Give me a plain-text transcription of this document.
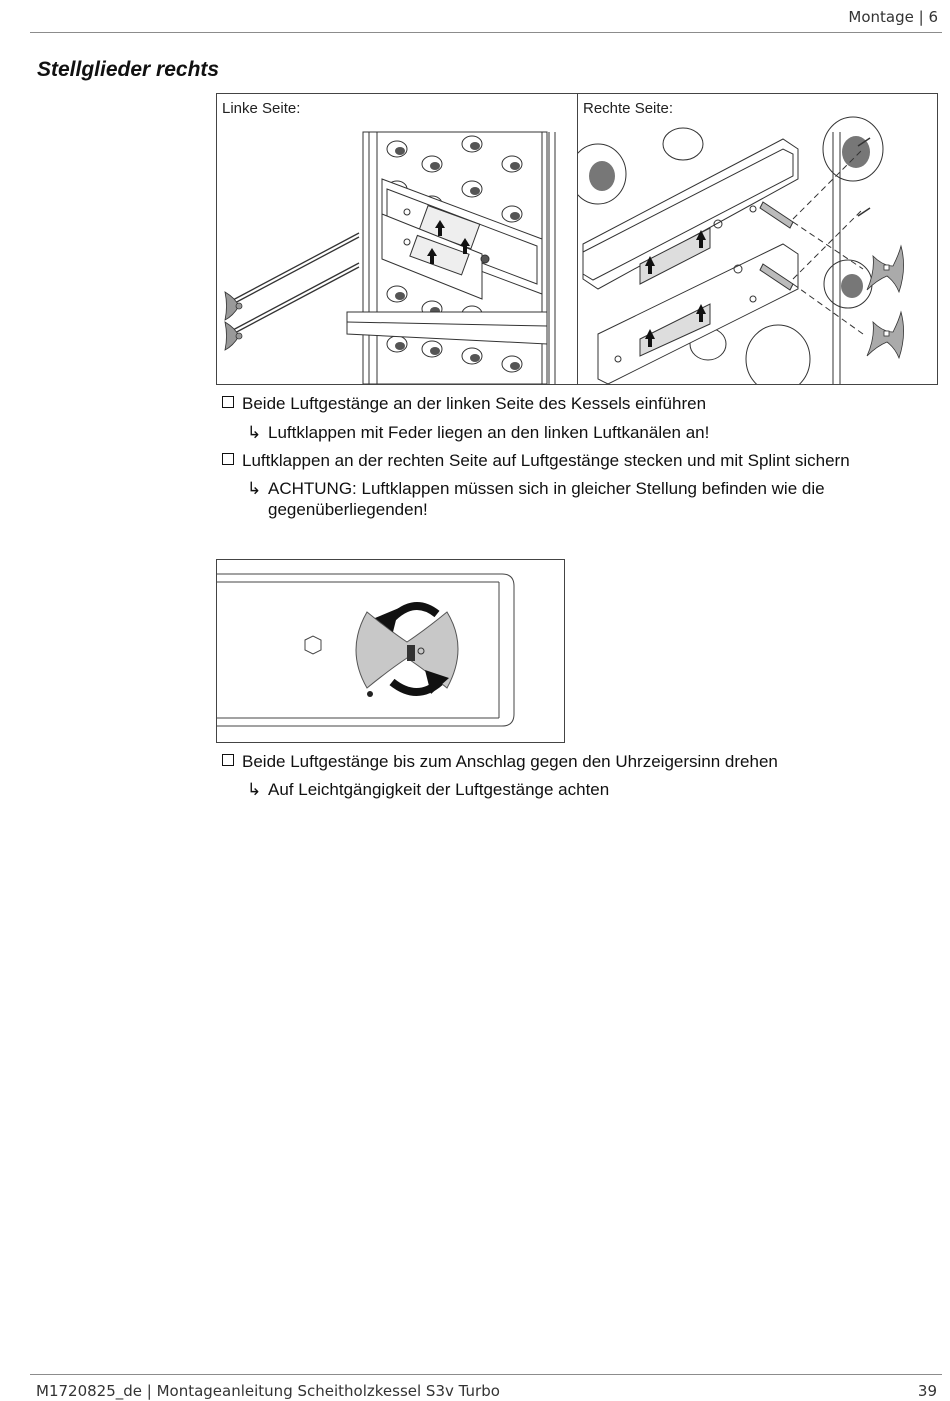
Montage | 6
Stellglieder rechts
Linke Seite:	Rechte Seite:
Beide Luftgestänge an der linken Seite des Kessels einführen
↳ Luftklappen mit Feder liegen an den linken Luftkanälen an!
Luftklappen an der rechten Seite auf Luftgestänge stecken und mit Splint sichern
↳ ACHTUNG: Luftklappen müssen sich in gleicher Stellung befinden wie die gegenüberliegenden!
Beide Luftgestänge bis zum Anschlag gegen den Uhrzeigersinn drehen
↳ Auf Leichtgängigkeit der Luftgestänge achten
M1720825_de | Montageanleitung Scheitholzkessel S3v Turbo	39
